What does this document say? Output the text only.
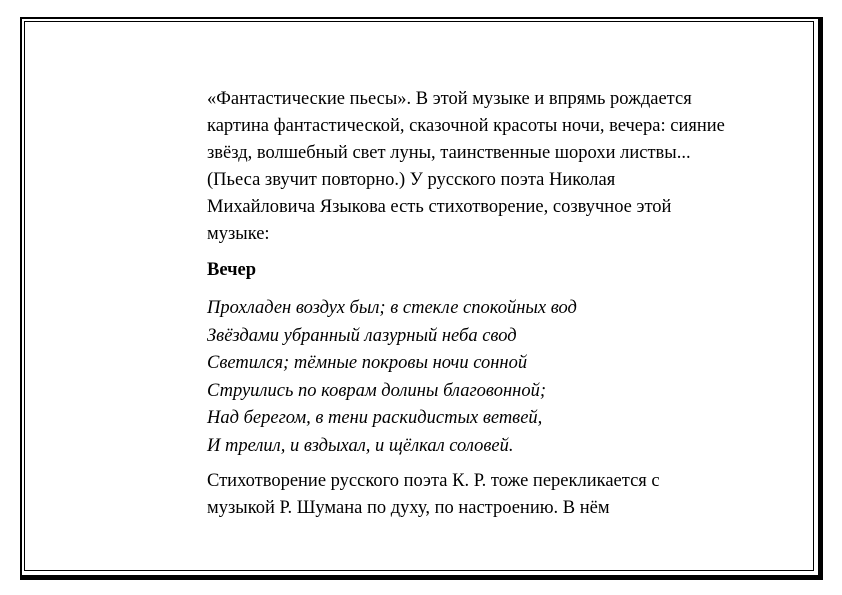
«Фантастические пьесы». В этой музыке и впрямь рождается картина фантастической, сказочной красоты ночи, вечера: сияние звёзд, волшебный свет луны, таинственные шорохи листвы... (Пьеса звучит повторно.) У русского поэта Николая Михайловича Языкова есть стихотворение, созвучное этой музыке:

Вечер

Прохладен воздух был; в стекле спокойных вод
Звёздами убранный лазурный неба свод
Светился; тёмные покровы ночи сонной
Струились по коврам долины благовонной;
Над берегом, в тени раскидистых ветвей,
И трелил, и вздыхал, и щёлкал соловей.

Стихотворение русского поэта К. Р. тоже перекликается с музыкой Р. Шумана по духу, по настроению. В нём
